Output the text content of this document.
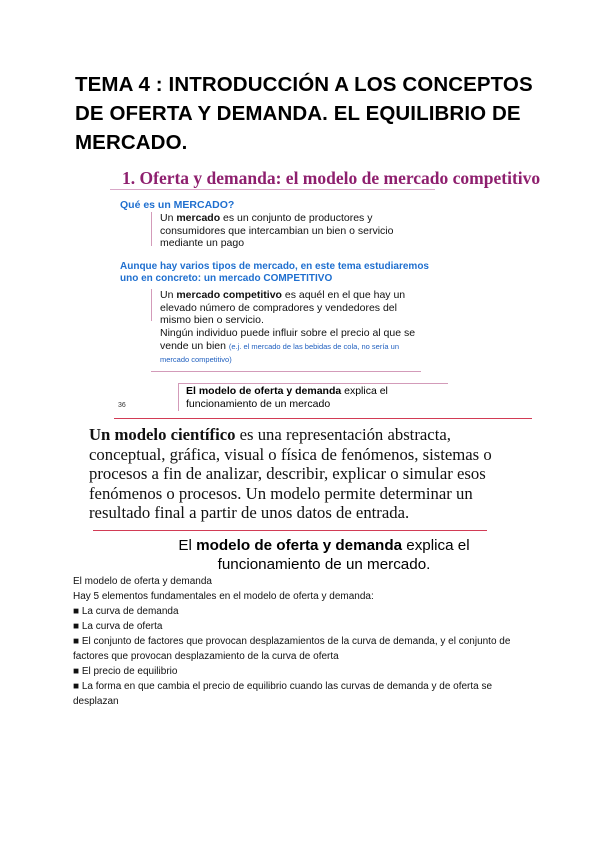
TEMA 4 : INTRODUCCIÓN A LOS CONCEPTOS DE OFERTA Y DEMANDA. EL EQUILIBRIO DE MERCADO.
1. Oferta y demanda: el modelo de mercado competitivo
Qué es un MERCADO?
Un mercado es un conjunto de productores y consumidores que intercambian un bien o servicio mediante un pago
Aunque hay varios tipos de mercado, en este tema estudiaremos uno en concreto: un mercado COMPETITIVO
Un mercado competitivo es aquél en el que hay un elevado número de compradores y vendedores del mismo bien o servicio.
Ningún individuo puede influir sobre el precio al que se vende un bien (e.j. el mercado de las bebidas de cola, no sería un mercado competitivo)
36
El modelo de oferta y demanda explica el funcionamiento de un mercado
Un modelo científico es una representación abstracta, conceptual, gráfica, visual o física de fenómenos, sistemas o procesos a fin de analizar, describir, explicar o simular esos fenómenos o procesos. Un modelo permite determinar un resultado final a partir de unos datos de entrada.
El modelo de oferta y demanda explica el funcionamiento de un mercado.
El modelo de oferta y demanda
Hay 5 elementos fundamentales en el modelo de oferta y demanda:
■ La curva de demanda
■ La curva de oferta
■ El conjunto de factores que provocan desplazamientos de la curva de demanda, y el conjunto de factores que provocan desplazamiento de la curva de oferta
■ El precio de equilibrio
■ La forma en que cambia el precio de equilibrio cuando las curvas de demanda y de oferta se desplazan
